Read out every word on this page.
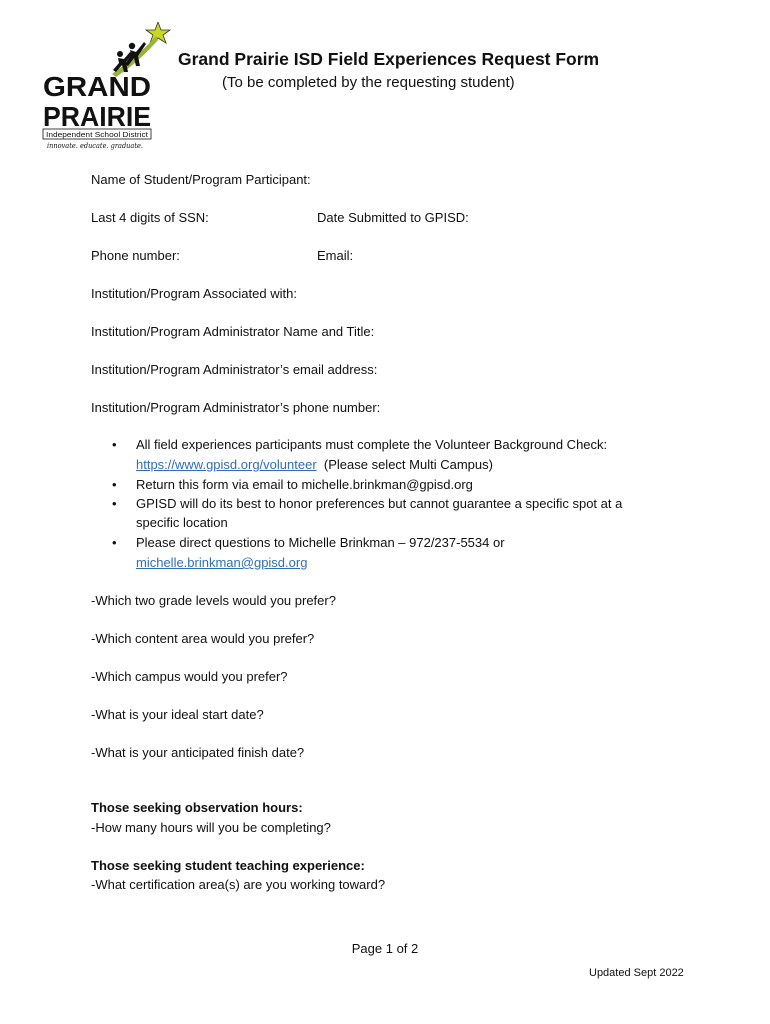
GRAND
PRAIRIE
Independent School District
innovate. educate. graduate.
Grand Prairie ISD Field Experiences Request Form
(To be completed by the requesting student)
Name of Student/Program Participant:
Last 4 digits of SSN:	Date Submitted to GPISD:
Phone number:	Email:
Institution/Program Associated with:
Institution/Program Administrator Name and Title:
Institution/Program Administrator’s email address:
Institution/Program Administrator’s phone number:
• All field experiences participants must complete the Volunteer Background Check:
https://www.gpisd.org/volunteer (Please select Multi Campus)
• Return this form via email to michelle.brinkman@gpisd.org
• GPISD will do its best to honor preferences but cannot guarantee a specific spot at a
specific location
• Please direct questions to Michelle Brinkman – 972/237-5534 or
michelle.brinkman@gpisd.org
-Which two grade levels would you prefer?
-Which content area would you prefer?
-Which campus would you prefer?
-What is your ideal start date?
-What is your anticipated finish date?
Those seeking observation hours:
-How many hours will you be completing?
Those seeking student teaching experience:
-What certification area(s) are you working toward?
Page 1 of 2
Updated Sept 2022
